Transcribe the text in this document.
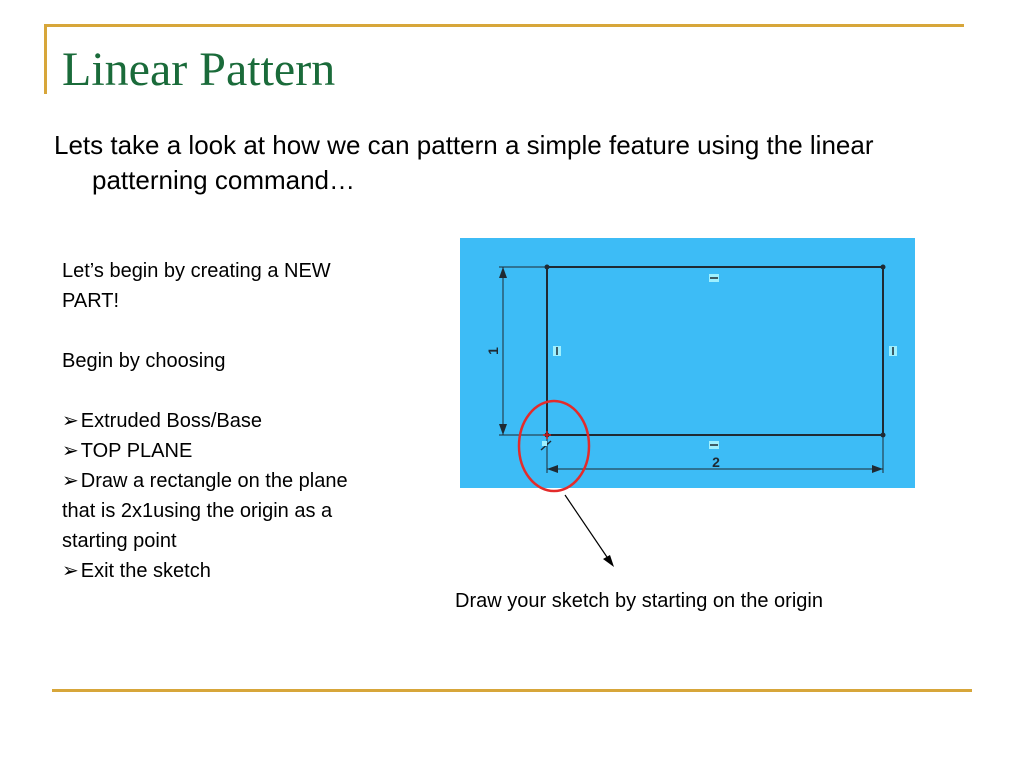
Linear Pattern
Lets take a look at how we can pattern a simple feature using the linear patterning command…

Let’s begin by creating a NEW PART!

Begin by choosing

➢ Extruded Boss/Base
➢ TOP PLANE
➢ Draw a rectangle on the plane that is 2x1using the origin as a starting point
➢ Exit the sketch
1
2
Draw your sketch by starting on the origin
